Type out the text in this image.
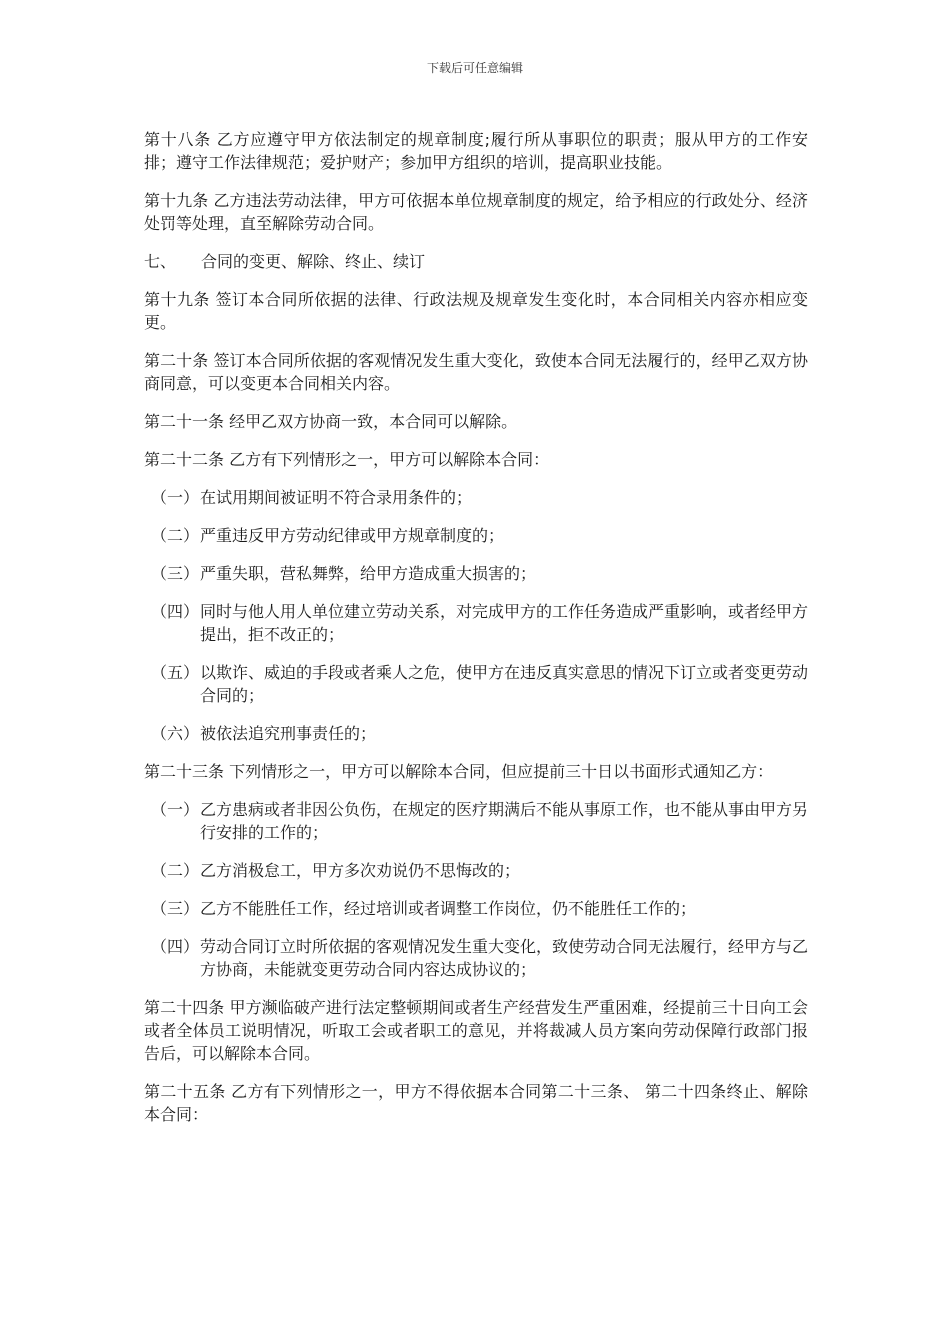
下载后可任意编辑

第十八条 乙方应遵守甲方依法制定的规章制度;履行所从事职位的职责；服从甲方的工作安排；遵守工作法律规范；爱护财产；参加甲方组织的培训，提高职业技能。

第十九条 乙方违法劳动法律，甲方可依据本单位规章制度的规定，给予相应的行政处分、经济处罚等处理，直至解除劳动合同。

七、	合同的变更、解除、终止、续订

第十九条 签订本合同所依据的法律、行政法规及规章发生变化时，本合同相关内容亦相应变更。

第二十条 签订本合同所依据的客观情况发生重大变化，致使本合同无法履行的，经甲乙双方协商同意，可以变更本合同相关内容。

第二十一条 经甲乙双方协商一致，本合同可以解除。

第二十二条 乙方有下列情形之一，甲方可以解除本合同：

（一） 在试用期间被证明不符合录用条件的；
（二） 严重违反甲方劳动纪律或甲方规章制度的；
（三） 严重失职，营私舞弊，给甲方造成重大损害的；
（四） 同时与他人用人单位建立劳动关系，对完成甲方的工作任务造成严重影响，或者经甲方提出，拒不改正的；
（五） 以欺诈、威迫的手段或者乘人之危，使甲方在违反真实意思的情况下订立或者变更劳动合同的；
（六） 被依法追究刑事责任的；

第二十三条 下列情形之一，甲方可以解除本合同，但应提前三十日以书面形式通知乙方：

（一） 乙方患病或者非因公负伤，在规定的医疗期满后不能从事原工作，也不能从事由甲方另行安排的工作的；
（二） 乙方消极怠工，甲方多次劝说仍不思悔改的；
（三） 乙方不能胜任工作，经过培训或者调整工作岗位，仍不能胜任工作的；
（四） 劳动合同订立时所依据的客观情况发生重大变化，致使劳动合同无法履行，经甲方与乙方协商，未能就变更劳动合同内容达成协议的；

第二十四条 甲方濒临破产进行法定整顿期间或者生产经营发生严重困难，经提前三十日向工会或者全体员工说明情况，听取工会或者职工的意见，并将裁减人员方案向劳动保障行政部门报告后，可以解除本合同。

第二十五条 乙方有下列情形之一，甲方不得依据本合同第二十三条、 第二十四条终止、解除本合同：
